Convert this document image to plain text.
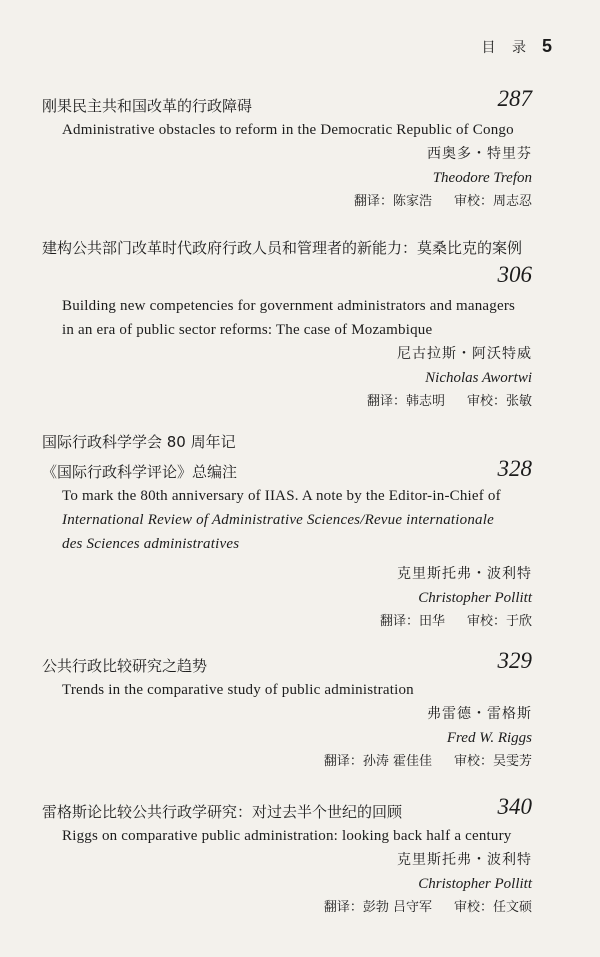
目 录 5
刚果民主共和国改革的行政障碍	287
Administrative obstacles to reform in the Democratic Republic of Congo
西奥多・特里芬
Theodore Trefon
翻译：陈家浩 审校：周志忍
建构公共部门改革时代政府行政人员和管理者的新能力：莫桑比克的案例
306
Building new competencies for government administrators and managers
in an era of public sector reforms: The case of Mozambique
尼古拉斯・阿沃特威
Nicholas Awortwi
翻译：韩志明 审校：张敏
国际行政科学学会 80 周年记
《国际行政科学评论》总编注	328
To mark the 80th anniversary of IIAS. A note by the Editor-in-Chief of
International Review of Administrative Sciences/Revue internationale
des Sciences administratives
克里斯托弗・波利特
Christopher Pollitt
翻译：田华 审校：于欣
公共行政比较研究之趋势	329
Trends in the comparative study of public administration
弗雷德・雷格斯
Fred W. Riggs
翻译：孙涛 霍佳佳 审校：吴雯芳
雷格斯论比较公共行政学研究：对过去半个世纪的回顾	340
Riggs on comparative public administration: looking back half a century
克里斯托弗・波利特
Christopher Pollitt
翻译：彭勃 吕守军 审校：任文硕
